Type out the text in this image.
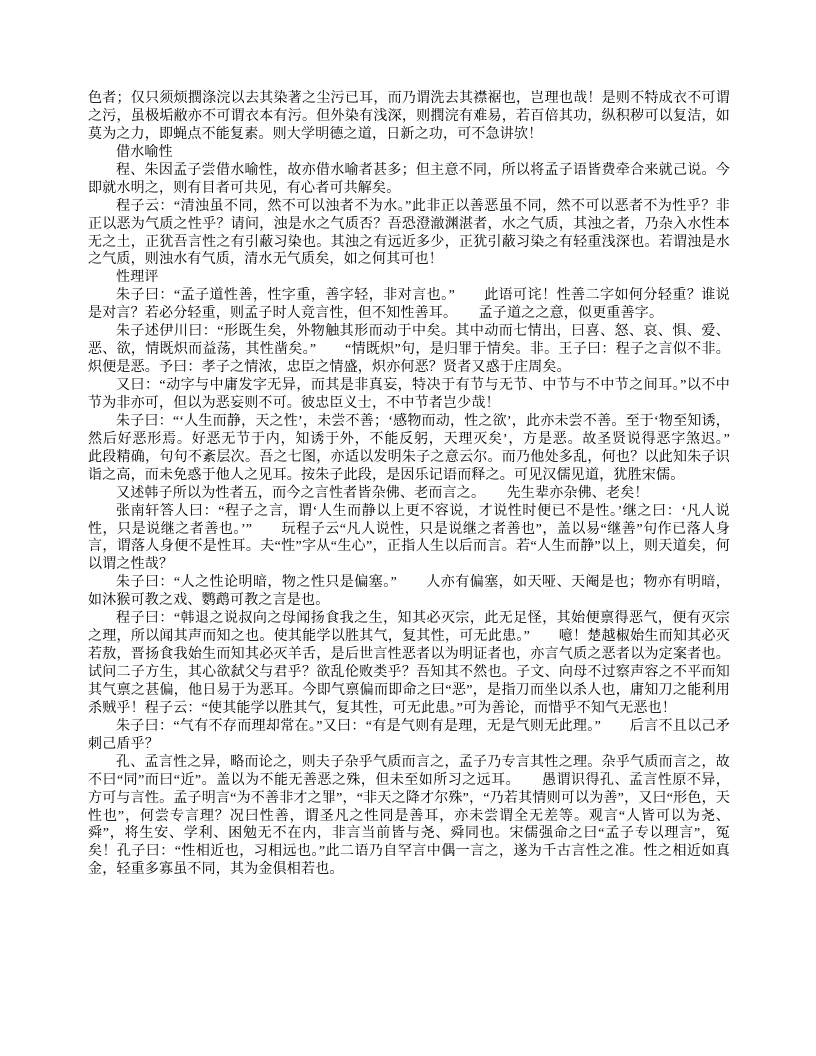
色者；仅只须烦撋涤浣以去其染著之尘污已耳，而乃谓洗去其襟裾也，岂理也哉！是则不特成衣不可谓之污，虽极垢敝亦不可谓衣本有污。但外染有浅深，则撋浣有难易，若百倍其功，纵积秽可以复洁，如莫为之力，即蝇点不能复素。则大学明德之道，日新之功，可不急讲欤！

借水喻性

程、朱因孟子尝借水喻性，故亦借水喻者甚多；但主意不同，所以将孟子语皆费牵合来就己说。今即就水明之，则有目者可共见，有心者可共解矣。

程子云：“清浊虽不同，然不可以浊者不为水。”此非正以善恶虽不同，然不可以恶者不为性乎？非正以恶为气质之性乎？请问，浊是水之气质否？吾恐澄澈渊湛者，水之气质，其浊之者，乃杂入水性本无之土，正犹吾言性之有引蔽习染也。其浊之有远近多少，正犹引蔽习染之有轻重浅深也。若谓浊是水之气质，则浊水有气质，清水无气质矣，如之何其可也！

性理评

朱子曰：“孟子道性善，性字重，善字轻，非对言也。”　　此语可诧！性善二字如何分轻重？谁说是对言？若必分轻重，则孟子时人竞言性，但不知性善耳。　　孟子道之之意，似更重善字。

朱子述伊川曰：“形既生矣，外物触其形而动于中矣。其中动而七情出，曰喜、怒、哀、惧、爱、恶、欲，情既炽而益荡，其性凿矣。”　　“情既炽”句，是归罪于情矣。非。王子曰：程子之言似不非。炽便是恶。予曰：孝子之情浓，忠臣之情盛，炽亦何恶？贤者又惑于庄周矣。

又曰：“动字与中庸发字无异，而其是非真妄，特决于有节与无节、中节与不中节之间耳。”以不中节为非亦可，但以为恶妄则不可。彼忠臣义士，不中节者岂少哉！

朱子曰：“‘人生而静，天之性’，未尝不善；‘感物而动，性之欲’，此亦未尝不善。至于‘物至知诱，然后好恶形焉。好恶无节于内，知诱于外，不能反躬，天理灭矣’，方是恶。故圣贤说得恶字煞迟。”　　此段精确，句句不紊层次。吾之七图，亦适以发明朱子之意云尔。而乃他处多乱，何也？以此知朱子识诣之高，而未免惑于他人之见耳。按朱子此段，是因乐记语而释之。可见汉儒见道，犹胜宋儒。

又述韩子所以为性者五，而今之言性者皆杂佛、老而言之。　　先生辈亦杂佛、老矣！

张南轩答人曰：“程子之言，谓‘人生而静以上更不容说，才说性时便已不是性。’继之曰：‘凡人说性，只是说继之者善也。’”　　玩程子云“凡人说性，只是说继之者善也”，盖以易“继善”句作已落人身言，谓落人身便不是性耳。夫“性”字从“生心”，正指人生以后而言。若“人生而静”以上，则天道矣，何以谓之性哉？

朱子曰：“人之性论明暗，物之性只是偏塞。”　　人亦有偏塞，如天哑、天阉是也；物亦有明暗，如沐猴可教之戏、鹦鹉可教之言是也。

程子曰：“韩退之说叔向之母闻扬食我之生，知其必灭宗，此无足怪，其始便禀得恶气，便有灭宗之理，所以闻其声而知之也。使其能学以胜其气，复其性，可无此患。”　　噫！楚越椒始生而知其必灭若敖，晋扬食我始生而知其必灭羊舌，是后世言性恶者以为明证者也，亦言气质之恶者以为定案者也。试问二子方生，其心欲弑父与君乎？欲乱伦败类乎？吾知其不然也。子文、向母不过察声容之不平而知其气禀之甚偏，他日易于为恶耳。今即气禀偏而即命之曰“恶”，是指刀而坐以杀人也，庸知刀之能利用杀贼乎！程子云：“使其能学以胜其气，复其性，可无此患。”可为善论，而惜乎不知气无恶也！

朱子曰：“气有不存而理却常在。”又曰：“有是气则有是理，无是气则无此理。”　　后言不且以己矛刺己盾乎？

孔、孟言性之异，略而论之，则夫子杂乎气质而言之，孟子乃专言其性之理。杂乎气质而言之，故不曰“同”而曰“近”。盖以为不能无善恶之殊，但未至如所习之远耳。　　愚谓识得孔、孟言性原不异，方可与言性。孟子明言“为不善非才之罪”，“非天之降才尔殊”，“乃若其情则可以为善”，又曰“形色，天性也”，何尝专言理？况曰性善，谓圣凡之性同是善耳，亦未尝谓全无差等。观言“人皆可以为尧、舜”，将生安、学利、困勉无不在内，非言当前皆与尧、舜同也。宋儒强命之曰“孟子专以理言”，冤矣！孔子曰：“性相近也，习相远也。”此二语乃自罕言中偶一言之，遂为千古言性之准。性之相近如真金，轻重多寡虽不同，其为金俱相若也。
